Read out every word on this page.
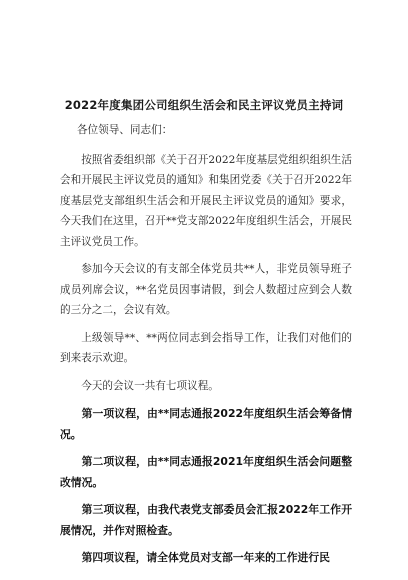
2022年度集团公司组织生活会和民主评议党员主持词

各位领导、同志们：

按照省委组织部《关于召开2022年度基层党组织组织生活会和开展民主评议党员的通知》和集团党委《关于召开2022年度基层党支部组织生活会和开展民主评议党员的通知》要求，今天我们在这里，召开**党支部2022年度组织生活会，开展民主评议党员工作。

参加今天会议的有支部全体党员共**人，非党员领导班子成员列席会议，**名党员因事请假，到会人数超过应到会人数的三分之二，会议有效。

上级领导**、**两位同志到会指导工作，让我们对他们的到来表示欢迎。

今天的会议一共有七项议程。

第一项议程，由**同志通报2022年度组织生活会筹备情况。

第二项议程，由**同志通报2021年度组织生活会问题整改情况。

第三项议程，由我代表党支部委员会汇报2022年工作开展情况，并作对照检查。

第四项议程，请全体党员对支部一年来的工作进行民
